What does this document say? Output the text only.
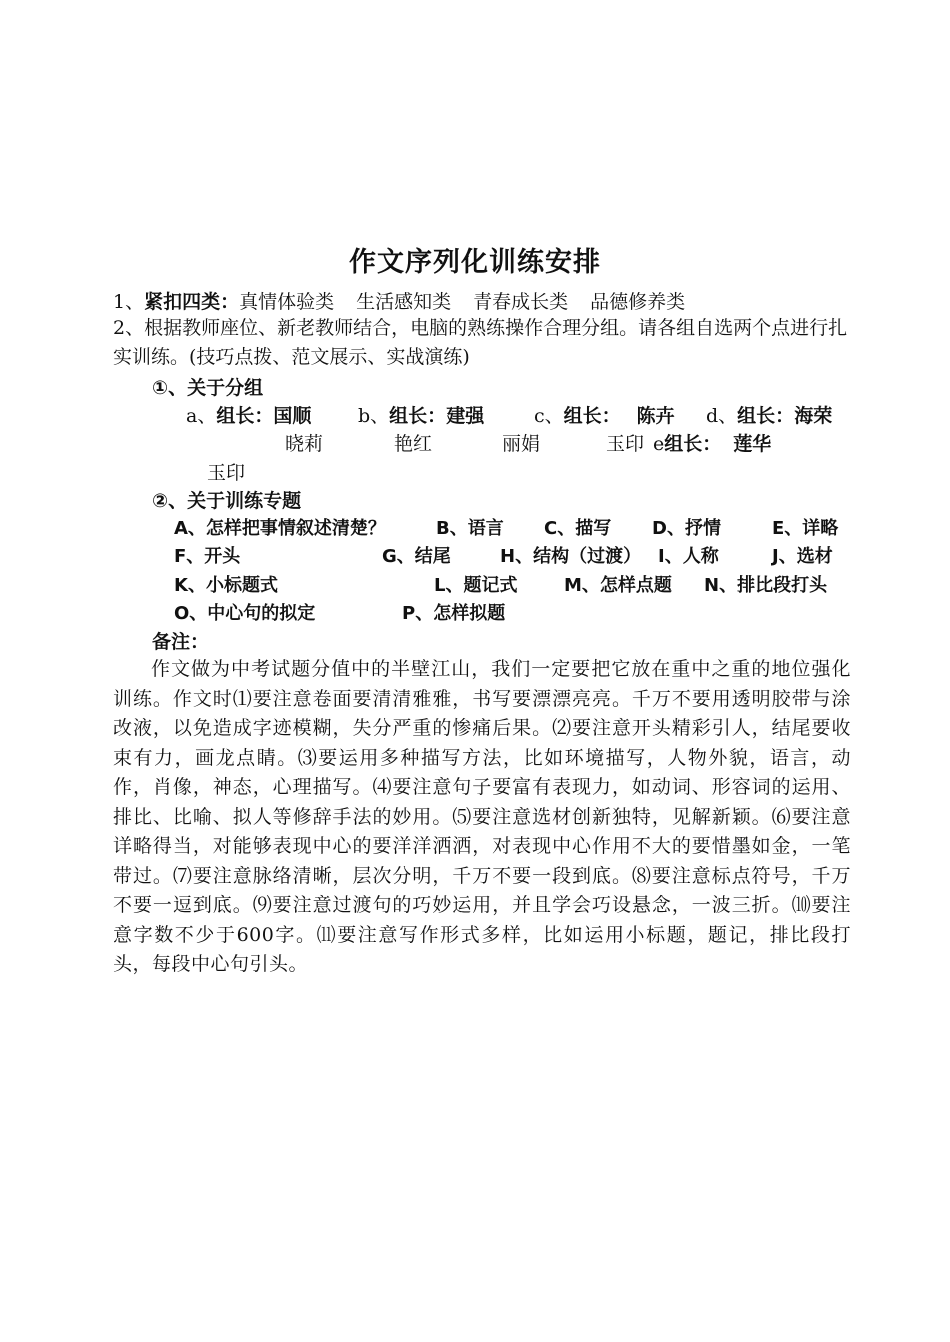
作文序列化训练安排
1、紧扣四类：真情体验类 生活感知类 青春成长类 品德修养类
2、根据教师座位、新老教师结合，电脑的熟练操作合理分组。请各组自选两个点进行扎实训练。(技巧点拨、范文展示、实战演练)
①、关于分组
a、组长：国顺 b、组长：建强	c、组长： 陈卉 d、组长：海荣
晓莉	艳红	丽娟	玉印 e组长： 莲华
玉印
②、关于训练专题
A、怎样把事情叙述清楚？	B、语言 C、描写 D、抒情	E、详略
F、开头	G、结尾	H、结构（过渡） I、人称	J、选材
K、小标题式	L、题记式	M、怎样点题 N、排比段打头
O、中心句的拟定	P、怎样拟题
备注：
作文做为中考试题分值中的半壁江山，我们一定要把它放在重中之重的地位强化训练。作文时⑴要注意卷面要清清雅雅，书写要漂漂亮亮。千万不要用透明胶带与涂改液，以免造成字迹模糊，失分严重的惨痛后果。⑵要注意开头精彩引人，结尾要收束有力，画龙点睛。⑶要运用多种描写方法，比如环境描写，人物外貌，语言，动作，肖像，神态，心理描写。⑷要注意句子要富有表现力，如动词、形容词的运用、排比、比喻、拟人等修辞手法的妙用。⑸要注意选材创新独特，见解新颖。⑹要注意详略得当，对能够表现中心的要洋洋洒洒，对表现中心作用不大的要惜墨如金，一笔带过。⑺要注意脉络清晰，层次分明，千万不要一段到底。⑻要注意标点符号，千万不要一逗到底。⑼要注意过渡句的巧妙运用，并且学会巧设悬念，一波三折。⑽要注意字数不少于600字。⑾要注意写作形式多样，比如运用小标题，题记，排比段打头，每段中心句引头。
